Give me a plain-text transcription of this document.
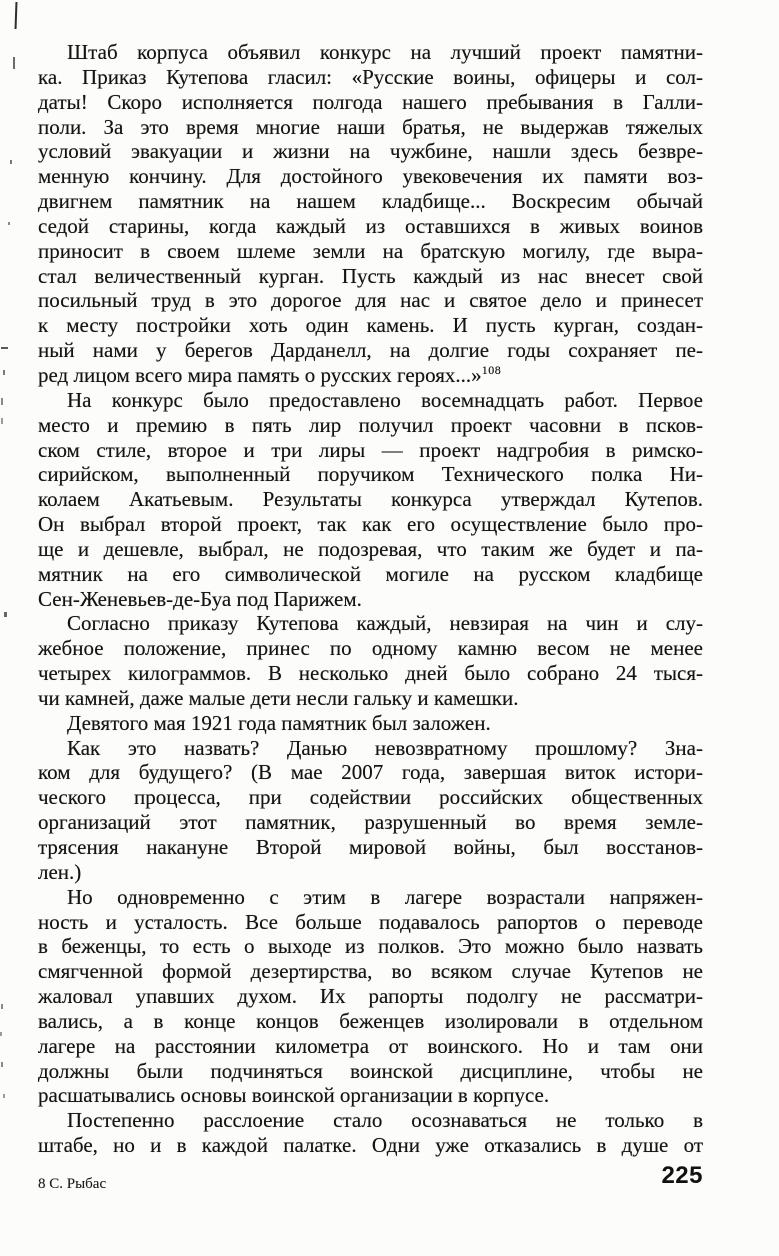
Штаб корпуса объявил конкурс на лучший проект памятни-
ка. Приказ Кутепова гласил: «Русские воины, офицеры и сол-
даты! Скоро исполняется полгода нашего пребывания в Галли-
поли. За это время многие наши братья, не выдержав тяжелых
условий эвакуации и жизни на чужбине, нашли здесь безвре-
менную кончину. Для достойного увековечения их памяти воз-
двигнем памятник на нашем кладбище... Воскресим обычай
седой старины, когда каждый из оставшихся в живых воинов
приносит в своем шлеме земли на братскую могилу, где выра-
стал величественный курган. Пусть каждый из нас внесет свой
посильный труд в это дорогое для нас и святое дело и принесет
к месту постройки хоть один камень. И пусть курган, создан-
ный нами у берегов Дарданелл, на долгие годы сохраняет пе-
ред лицом всего мира память о русских героях...»$^{108}$
На конкурс было предоставлено восемнадцать работ. Первое
место и премию в пять лир получил проект часовни в псков-
ском стиле, второе и три лиры — проект надгробия в римско-
сирийском, выполненный поручиком Технического полка Ни-
колаем Акатьевым. Результаты конкурса утверждал Кутепов.
Он выбрал второй проект, так как его осуществление было про-
ще и дешевле, выбрал, не подозревая, что таким же будет и па-
мятник на его символической могиле на русском кладбище
Сен-Женевьев-де-Буа под Парижем.
Согласно приказу Кутепова каждый, невзирая на чин и слу-
жебное положение, принес по одному камню весом не менее
четырех килограммов. В несколько дней было собрано 24 тыся-
чи камней, даже малые дети несли гальку и камешки.
Девятого мая 1921 года памятник был заложен.
Как это назвать? Данью невозвратному прошлому? Зна-
ком для будущего? (В мае 2007 года, завершая виток истори-
ческого процесса, при содействии российских общественных
организаций этот памятник, разрушенный во время земле-
трясения накануне Второй мировой войны, был восстанов-
лен.)
Но одновременно с этим в лагере возрастали напряжен-
ность и усталость. Все больше подавалось рапортов о переводе
в беженцы, то есть о выходе из полков. Это можно было назвать
смягченной формой дезертирства, во всяком случае Кутепов не
жаловал упавших духом. Их рапорты подолгу не рассматри-
вались, а в конце концов беженцев изолировали в отдельном
лагере на расстоянии километра от воинского. Но и там они
должны были подчиняться воинской дисциплине, чтобы не
расшатывались основы воинской организации в корпусе.
Постепенно расслоение стало осознаваться не только в
штабе, но и в каждой палатке. Одни уже отказались в душе от
8 С. Рыбас	225
